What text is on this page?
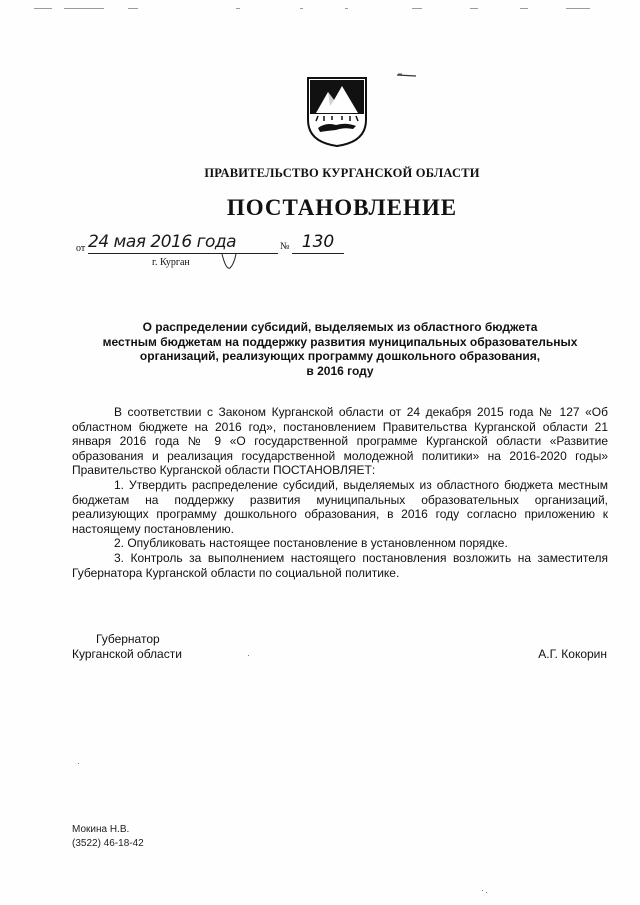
ПРАВИТЕЛЬСТВО КУРГАНСКОЙ ОБЛАСТИ
ПОСТАНОВЛЕНИЕ
от 24 мая 2016 года	№ 130
г. Курган
О распределении субсидий, выделяемых из областного бюджета
местным бюджетам на поддержку развития муниципальных образовательных
организаций, реализующих программу дошкольного образования,
в 2016 году

В соответствии с Законом Курганской области от 24 декабря 2015 года № 127 «Об областном бюджете на 2016 год», постановлением Правительства Курганской области 21 января 2016 года № 9 «О государственной программе Курганской области «Развитие образования и реализация государственной молодежной политики» на 2016-2020 годы» Правительство Курганской области ПОСТАНОВЛЯЕТ:

1. Утвердить распределение субсидий, выделяемых из областного бюджета местным бюджетам на поддержку развития муниципальных образовательных организаций, реализующих программу дошкольного образования, в 2016 году согласно приложению к настоящему постановлению.

2. Опубликовать настоящее постановление в установленном порядке.

3. Контроль за выполнением настоящего постановления возложить на заместителя Губернатора Курганской области по социальной политике.

Губернатор
Курганской области	А.Г. Кокорин
Мокина Н.В.
(3522) 46-18-42
